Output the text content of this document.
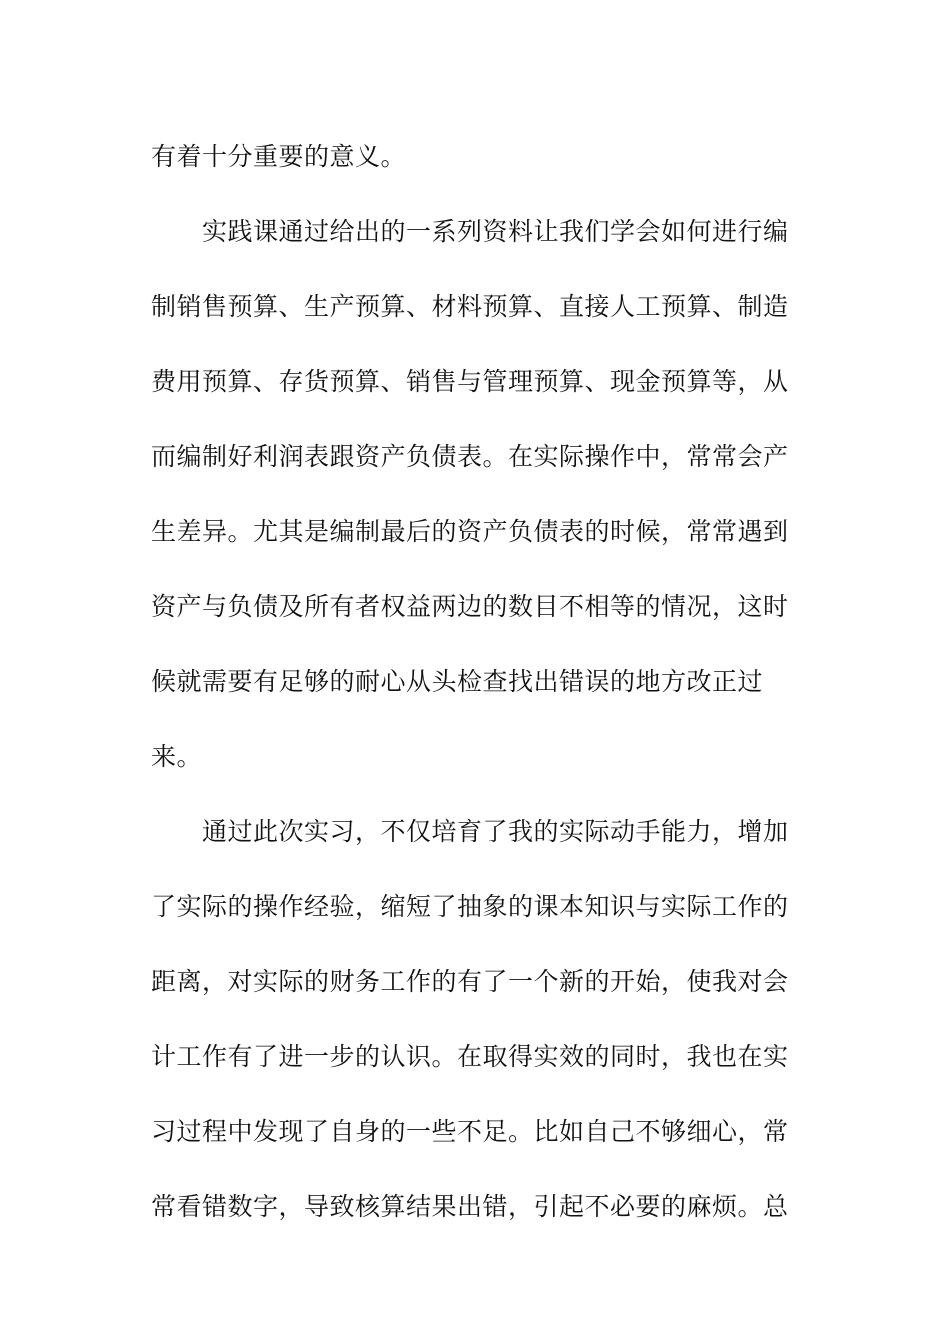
有着十分重要的意义。
实践课通过给出的一系列资料让我们学会如何进行编
制销售预算、生产预算、材料预算、直接人工预算、制造
费用预算、存货预算、销售与管理预算、现金预算等，从
而编制好利润表跟资产负债表。在实际操作中，常常会产
生差异。尤其是编制最后的资产负债表的时候，常常遇到
资产与负债及所有者权益两边的数目不相等的情况，这时
候就需要有足够的耐心从头检查找出错误的地方改正过
来。
通过此次实习，不仅培育了我的实际动手能力，增加
了实际的操作经验，缩短了抽象的课本知识与实际工作的
距离，对实际的财务工作的有了一个新的开始，使我对会
计工作有了进一步的认识。在取得实效的同时，我也在实
习过程中发现了自身的一些不足。比如自己不够细心，常
常看错数字，导致核算结果出错，引起不必要的麻烦。总
